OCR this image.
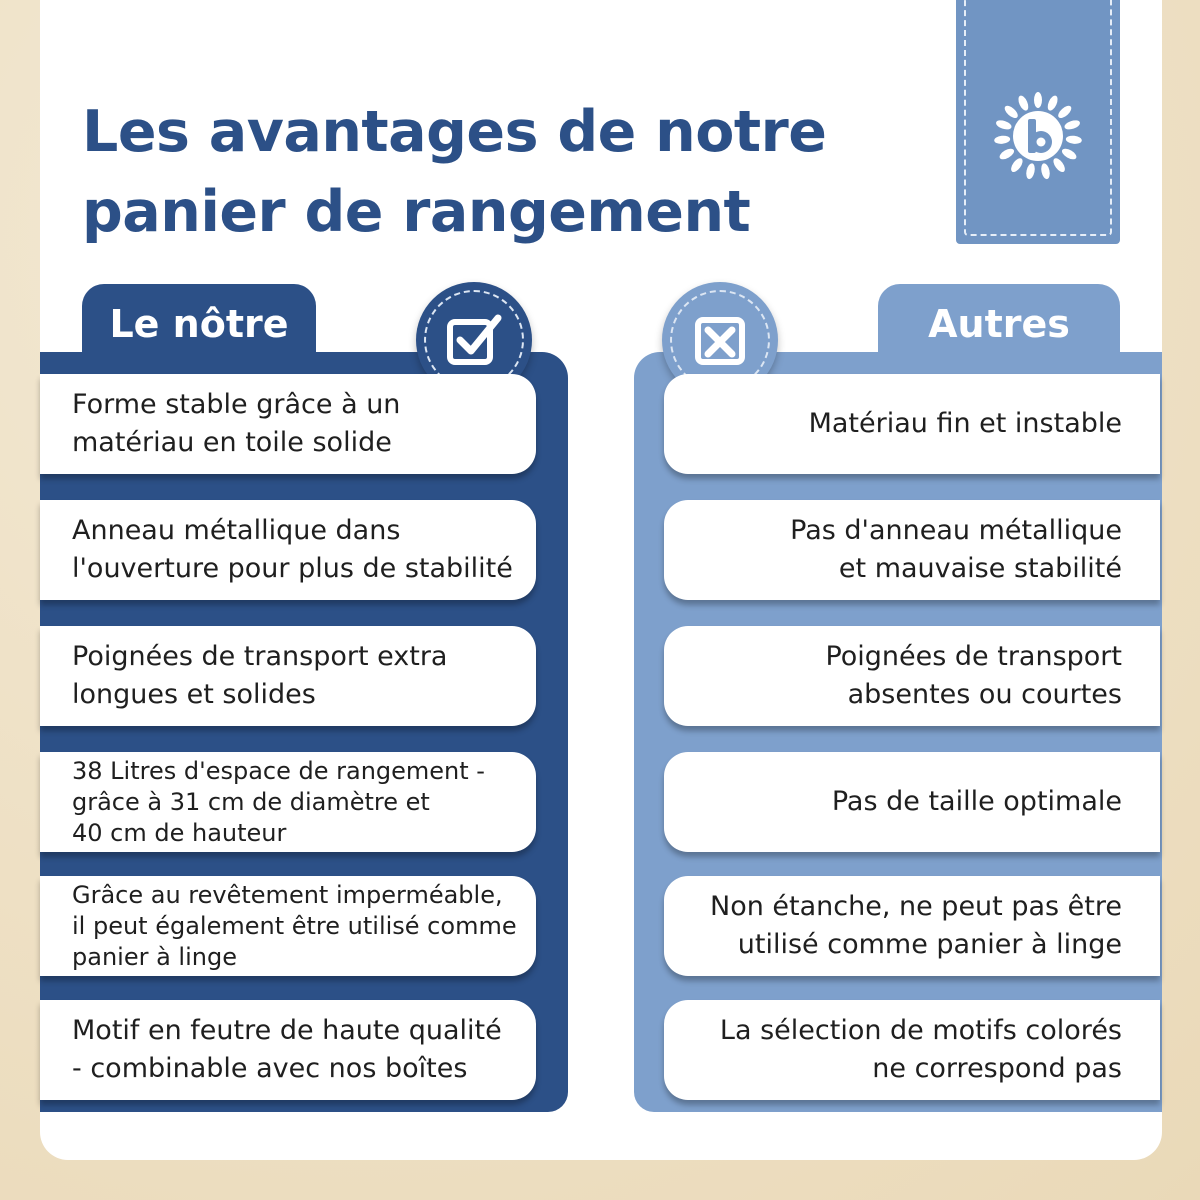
Les avantages de notre
panier de rangement
Le nôtre	Autres
Forme stable grâce à un
matériau en toile solide
Anneau métallique dans
l'ouverture pour plus de stabilité
Poignées de transport extra
longues et solides
38 Litres d'espace de rangement -
grâce à 31 cm de diamètre et
40 cm de hauteur
Grâce au revêtement imperméable,
il peut également être utilisé comme
panier à linge
Motif en feutre de haute qualité
- combinable avec nos boîtes
Matériau fin et instable
Pas d'anneau métallique
et mauvaise stabilité
Poignées de transport
absentes ou courtes
Pas de taille optimale
Non étanche, ne peut pas être
utilisé comme panier à linge
La sélection de motifs colorés
ne correspond pas
